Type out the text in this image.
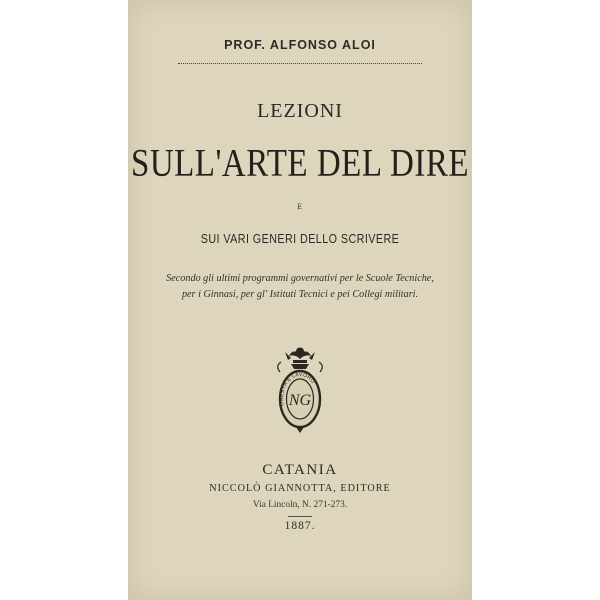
PROF. ALFONSO ALOI
LEZIONI
SULL'ARTE DEL DIRE
E
SUI VARI GENERI DELLO SCRIVERE
Secondo gli ultimi programmi governativi per le Scuole Tecniche,
per i Ginnasi, per gl' Istituti Tecnici e pei Collegi militari.
ONESTÀ E LAVORO
NG
CATANIA
NICCOLÒ GIANNOTTA, EDITORE
Via Lincoln, N. 271-273.
1887.
